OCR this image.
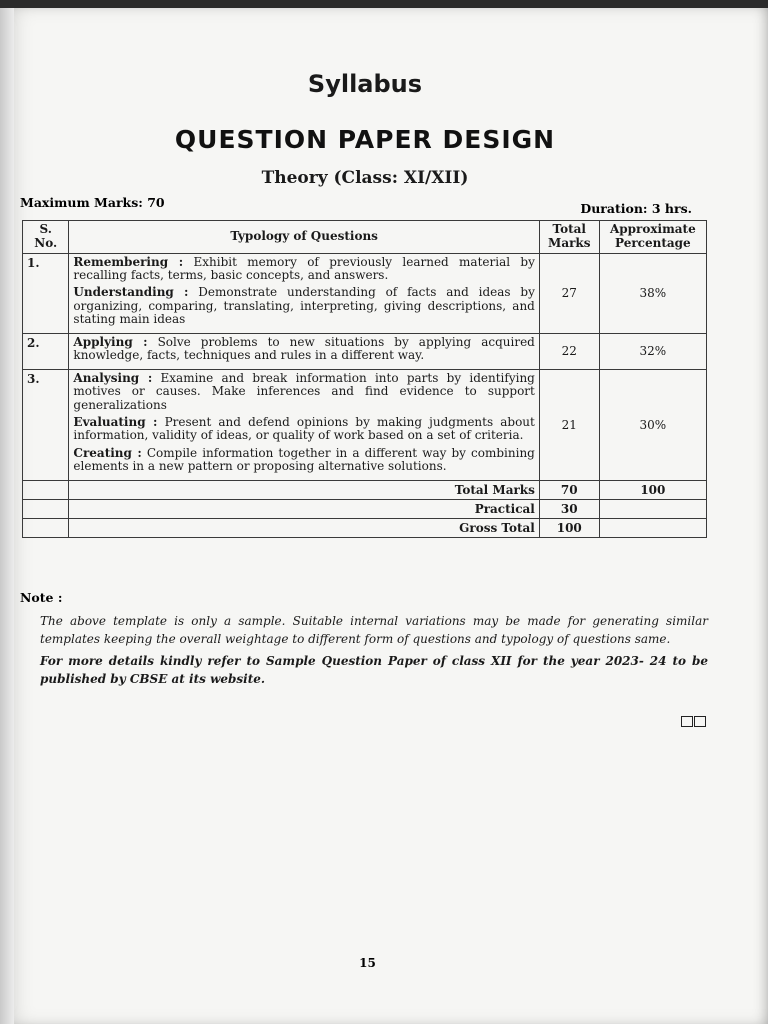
Syllabus
QUESTION PAPER DESIGN
Theory (Class: XI/XII)
Maximum Marks: 70	Duration: 3 hrs.
S. No.	Typology of Questions	Total Marks	Approximate Percentage
1.	Remembering : Exhibit memory of previously learned material by recalling facts, terms, basic concepts, and answers.
Understanding : Demonstrate understanding of facts and ideas by organizing, comparing, translating, interpreting, giving descriptions, and stating main ideas	27	38%
2.	Applying : Solve problems to new situations by applying acquired knowledge, facts, techniques and rules in a different way.	22	32%
3.	Analysing : Examine and break information into parts by identifying motives or causes. Make inferences and find evidence to support generalizations
Evaluating : Present and defend opinions by making judgments about information, validity of ideas, or quality of work based on a set of criteria.
Creating : Compile information together in a different way by combining elements in a new pattern or proposing alternative solutions.	21	30%
	Total Marks	70	100
	Practical	30	
	Gross Total	100	
Note :
The above template is only a sample. Suitable internal variations may be made for generating similar templates keeping the overall weightage to different form of questions and typology of questions same.
For more details kindly refer to Sample Question Paper of class XII for the year 2023- 24 to be published by CBSE at its website.
15
